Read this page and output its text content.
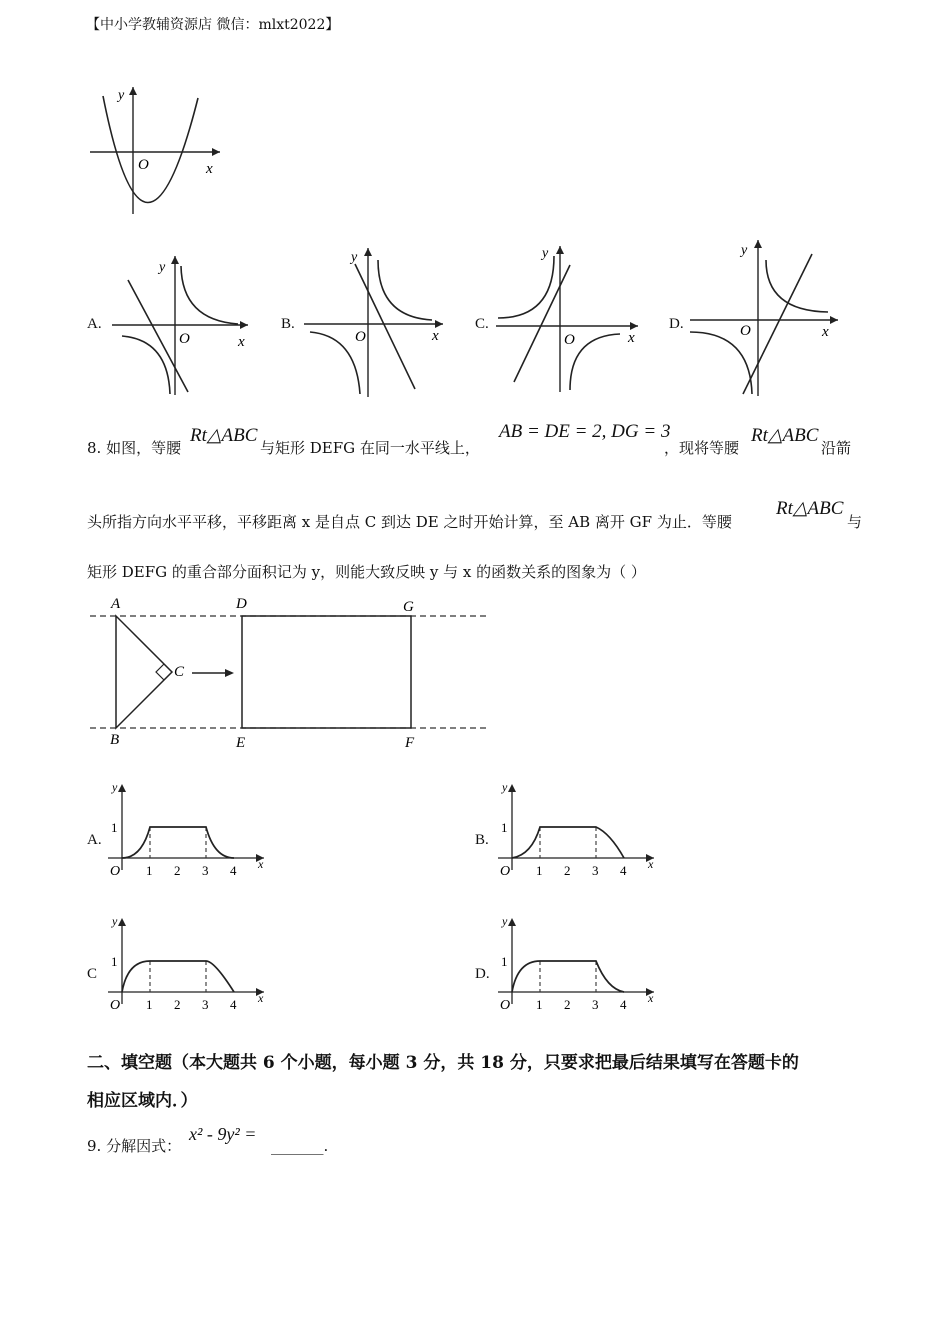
【中小学教辅资源店 微信：mlxt2022】
y
x
O
A.
y
x
O
B.
y
x
O
C.
y
x
O
D.
y
x
O
8. 如图，等腰
Rt△ABC
与矩形 DEFG 在同一水平线上，
AB = DE = 2, DG = 3
，现将等腰
Rt△ABC
沿箭
头所指方向水平平移，平移距离 x 是自点 C 到达 DE 之时开始计算，至 AB 离开 GF 为止．等腰
Rt△ABC
与
矩形 DEFG 的重合部分面积记为 y，则能大致反映 y 与 x 的函数关系的图象为（ ）
A
B
C
D
E	F
G
A.	B.
C	D.
1 2 3 4
1
O
y
x	1 2 3 4
1
O
y
x
1 2 3 4
1
O
y
x	1 2 3 4
1
O
y
x
二、填空题（本大题共 6 个小题，每小题 3 分，共 18 分，只要求把最后结果填写在答题卡的
相应区域内．）
9. 分解因式：
x² - 9y² =
_______.
